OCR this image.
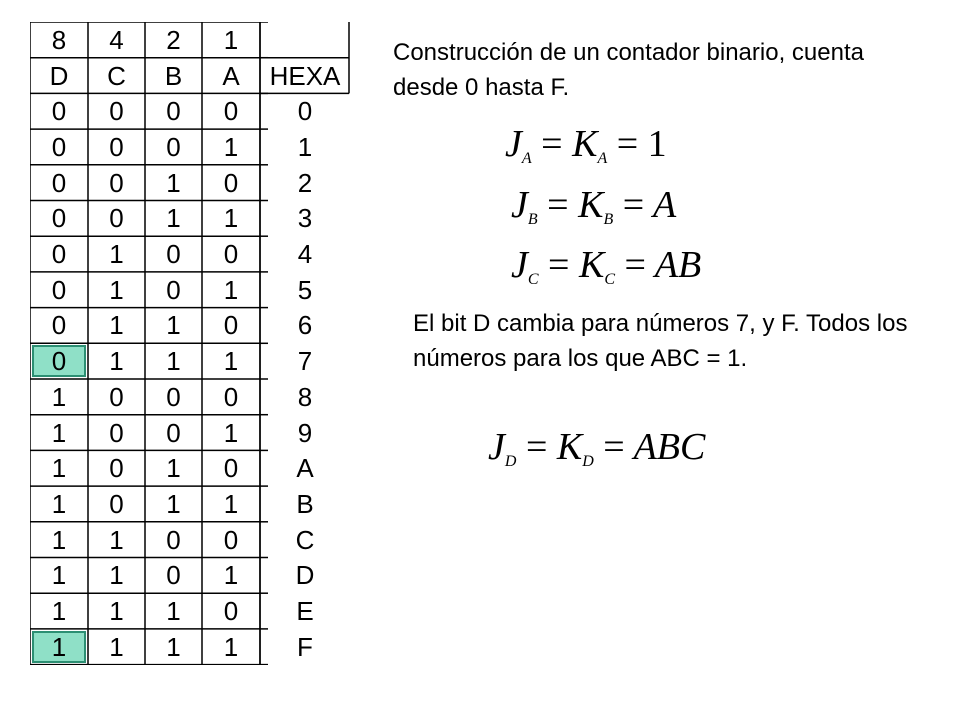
8	4	2	1
D	C	B	A	HEXA
0	0	0	0	0
0	0	0	1	1
0	0	1	0	2
0	0	1	1	3
0	1	0	0	4
0	1	0	1	5
0	1	1	0	6
0	1	1	1	7
1	0	0	0	8
1	0	0	1	9
1	0	1	0	A
1	0	1	1	B
1	1	0	0	C
1	1	0	1	D
1	1	1	0	E
1	1	1	1	F
Construcción de un contador binario, cuenta desde 0 hasta F.
$J_A = K_A = 1$
$J_B = K_B = A$
$J_C = K_C$ = AB
El bit D cambia para números 7, y F. Todos los números para los que ABC = 1.
$J_D = K_D$ = ABC
